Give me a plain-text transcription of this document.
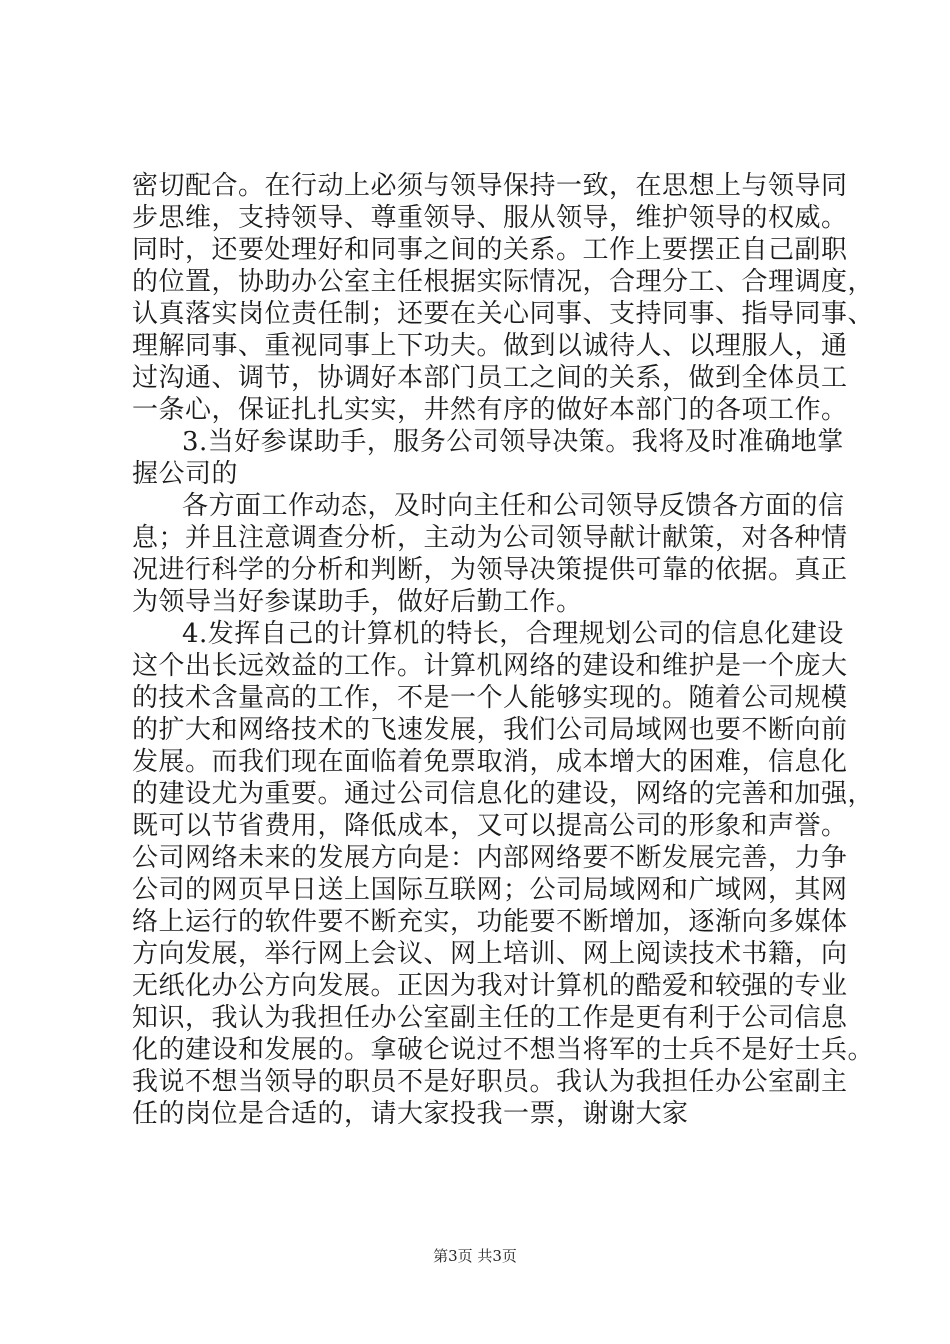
密切配合。在行动上必须与领导保持一致，在思想上与领导同
步思维，支持领导、尊重领导、服从领导，维护领导的权威。
同时，还要处理好和同事之间的关系。工作上要摆正自己副职
的位置，协助办公室主任根据实际情况，合理分工、合理调度，
认真落实岗位责任制；还要在关心同事、支持同事、指导同事、
理解同事、重视同事上下功夫。做到以诚待人、以理服人，通
过沟通、调节，协调好本部门员工之间的关系，做到全体员工
一条心，保证扎扎实实，井然有序的做好本部门的各项工作。
3.当好参谋助手，服务公司领导决策。我将及时准确地掌
握公司的
各方面工作动态，及时向主任和公司领导反馈各方面的信
息；并且注意调查分析，主动为公司领导献计献策，对各种情
况进行科学的分析和判断，为领导决策提供可靠的依据。真正
为领导当好参谋助手，做好后勤工作。
4.发挥自己的计算机的特长，合理规划公司的信息化建设
这个出长远效益的工作。计算机网络的建设和维护是一个庞大
的技术含量高的工作，不是一个人能够实现的。随着公司规模
的扩大和网络技术的飞速发展，我们公司局域网也要不断向前
发展。而我们现在面临着免票取消，成本增大的困难，信息化
的建设尤为重要。通过公司信息化的建设，网络的完善和加强，
既可以节省费用，降低成本，又可以提高公司的形象和声誉。
公司网络未来的发展方向是：内部网络要不断发展完善，力争
公司的网页早日送上国际互联网；公司局域网和广域网，其网
络上运行的软件要不断充实，功能要不断增加，逐渐向多媒体
方向发展，举行网上会议、网上培训、网上阅读技术书籍，向
无纸化办公方向发展。正因为我对计算机的酷爱和较强的专业
知识，我认为我担任办公室副主任的工作是更有利于公司信息
化的建设和发展的。拿破仑说过不想当将军的士兵不是好士兵。
我说不想当领导的职员不是好职员。我认为我担任办公室副主
任的岗位是合适的，请大家投我一票，谢谢大家
第3页 共3页
